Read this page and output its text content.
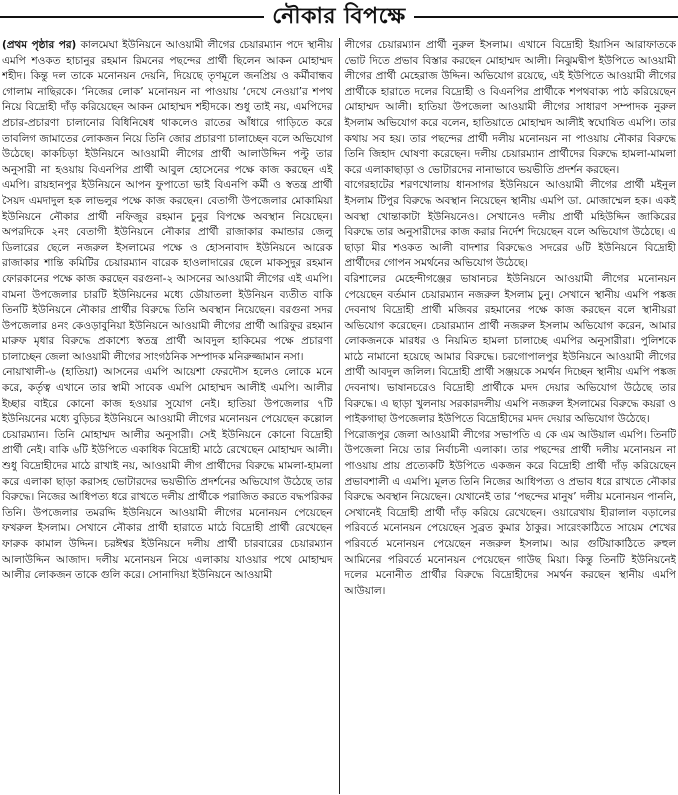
নৌকার বিপক্ষে

(প্রথম পৃষ্ঠার পর) কালমেঘা ইউনিয়নে আওয়ামী লীগের চেয়ারম্যান পদে স্থানীয় এমপি শওকত হাচানুর রহমান রিমনের পছন্দের প্রার্থী ছিলেন আকন মোহাম্মদ শহীদ। কিন্তু দল তাকে মনোনয়ন দেয়নি, দিয়েছে তৃণমূলে জনপ্রিয় ও কর্মীবান্ধব গোলাম নাছিরকে। ‘নিজের লোক’ মনোনয়ন না পাওয়ায় ‘দেখে নেওয়া’র শপথ নিয়ে বিদ্রোহী দাঁড় করিয়েছেন আকন মোহাম্মদ শহীদকে। শুধু তাই নয়, এমপিদের প্রচার-প্রচারণা চালানোর বিধিনিষেধ থাকলেও রাতের আঁধারে গাড়িতে করে তাবলিগ জামাতের লোকজন নিয়ে তিনি জোর প্রচারণা চালাচ্ছেন বলে অভিযোগ উঠেছে। কাকচিড়া ইউনিয়নে আওয়ামী লীগের প্রার্থী আলাউদ্দিন পল্টু তার অনুসারী না হওয়ায় বিএনপির প্রার্থী আবুল হোসেনের পক্ষে কাজ করছেন এই এমপি। রায়হানপুর ইউনিয়নে আপন ফুপাতো ভাই বিএনপি কর্মী ও স্বতন্ত্র প্রার্থী সৈয়দ এমদাদুল হক লাভলুর পক্ষে কাজ করছেন। বেতাগী উপজেলার মোকামিয়া ইউনিয়নে নৌকার প্রার্থী নফিজুর রহমান চুনুর বিপক্ষে অবস্থান নিয়েছেন। অপরদিকে ২নং বেতাগী ইউনিয়নে নৌকার প্রার্থী রাজাকার কমান্ডার জেলু ডিলারের ছেলে নজরুল ইসলামের পক্ষে ও হোসনাবাদ ইউনিয়নে আরেক রাজাকার শান্তি কমিটির চেয়ারম্যান বারেক হাওলাদারের ছেলে মাকসুদুর রহমান ফোরকানের পক্ষে কাজ করছেন বরগুনা-২ আসনের আওয়ামী লীগের এই এমপি। বামনা উপজেলার চারটি ইউনিয়নের মধ্যে ডৌয়াতলা ইউনিয়ন ব্যতীত বাকি তিনটি ইউনিয়নে নৌকার প্রার্থীর বিরুদ্ধে তিনি অবস্থান নিয়েছেন। বরগুনা সদর উপজেলার ৪নং কেওড়াবুনিয়া ইউনিয়নে আওয়ামী লীগের প্রার্থী আরিফুর রহমান মারুফ মৃধার বিরুদ্ধে প্রকাশ্যে স্বতন্ত্র প্রার্থী আবদুল হাকিমের পক্ষে প্রচারণা চালাচ্ছেন জেলা আওয়ামী লীগের সাংগঠনিক সম্পাদক মনিরুজ্জামান নসা।

নোয়াখালী-৬ (হাতিয়া) আসনের এমপি আয়েশা ফেরদৌস হলেও লোকে মনে করে, কর্তৃত্ব এখানে তার স্বামী সাবেক এমপি মোহাম্মদ আলীই এমপি। আলীর ইচ্ছার বাইরে কোনো কাজ হওয়ার সুযোগ নেই। হাতিয়া উপজেলার ৭টি ইউনিয়নের মধ্যে বুড়িচর ইউনিয়নে আওয়ামী লীগের মনোনয়ন পেয়েছেন কল্লোল চেয়ারম্যান। তিনি মোহাম্মদ আলীর অনুসারী। সেই ইউনিয়নে কোনো বিদ্রোহী প্রার্থী নেই। বাকি ৬টি ইউপিতে একাধিক বিদ্রোহী মাঠে রেখেছেন মোহাম্মদ আলী। শুধু বিদ্রোহীদের মাঠে রাখাই নয়, আওয়ামী লীগ প্রার্থীদের বিরুদ্ধে মামলা-হামলা করে এলাকা ছাড়া করাসহ ভোটারদের ভয়ভীতি প্রদর্শনের অভিযোগ উঠেছে তার বিরুদ্ধে। নিজের আধিপত্য ধরে রাখতে দলীয় প্রার্থীকে পরাজিত করতে বদ্ধপরিকর তিনি। উপজেলার তমরদ্দি ইউনিয়নে আওয়ামী লীগের মনোনয়ন পেয়েছেন ফখরুল ইসলাম। সেখানে নৌকার প্রার্থী হারাতে মাঠে বিদ্রোহী প্রার্থী রেখেছেন ফারুক কামাল উদ্দিন। চরঈশ্বর ইউনিয়নে দলীয় প্রার্থী চারবারের চেয়ারম্যান আলাউদ্দিন আজাদ। দলীয় মনোনয়ন নিয়ে এলাকায় যাওয়ার পথে মোহাম্মদ আলীর লোকজন তাকে গুলি করে। সোনাদিয়া ইউনিয়নে আওয়ামী

লীগের চেয়ারম্যান প্রার্থী নুরুল ইসলাম। এখানে বিদ্রোহী ইয়াসিন আরাফাতকে ভোট দিতে প্রভাব বিস্তার করছেন মোহাম্মদ আলী। নিঝুমদ্বীপ ইউপিতে আওয়ামী লীগের প্রার্থী মেহেরাজ উদ্দিন। অভিযোগ রয়েছে, এই ইউপিতে আওয়ামী লীগের প্রার্থীকে হারাতে দলের বিদ্রোহী ও বিএনপির প্রার্থীকে শপথবাক্য পাঠ করিয়েছেন মোহাম্মদ আলী। হাতিয়া উপজেলা আওয়ামী লীগের সাধারণ সম্পাদক নুরুল ইসলাম অভিযোগ করে বলেন, হাতিয়াতে মোহাম্মদ আলীই স্বঘোষিত এমপি। তার কথায় সব হয়। তার পছন্দের প্রার্থী দলীয় মনোনয়ন না পাওয়ায় নৌকার বিরুদ্ধে তিনি জিহাদ ঘোষণা করেছেন। দলীয় চেয়ারম্যান প্রার্থীদের বিরুদ্ধে হামলা-মামলা করে এলাকাছাড়া ও ভোটারদের নানাভাবে ভয়ভীতি প্রদর্শন করছেন।

বাগেরহাটের শরণখোলায় ধানসাগর ইউনিয়নে আওয়ামী লীগের প্রার্থী মইনুল ইসলাম টিপুর বিরুদ্ধে অবস্থান নিয়েছেন স্থানীয় এমপি ডা. মোজাম্মেল হক। একই অবস্থা খোন্তাকাটা ইউনিয়নেও। সেখানেও দলীয় প্রার্থী মহিউদ্দিন জাকিরের বিরুদ্ধে তার অনুসারীদের কাজ করার নির্দেশ দিয়েছেন বলে অভিযোগ উঠেছে। এ ছাড়া মীর শওকত আলী বাদশার বিরুদ্ধেও সদরের ৬টি ইউনিয়নে বিদ্রোহী প্রার্থীদের গোপন সমর্থনের অভিযোগ উঠেছে।

বরিশালের মেহেন্দীগঞ্জের ভাষানচর ইউনিয়নে আওয়ামী লীগের মনোনয়ন পেয়েছেন বর্তমান চেয়ারম্যান নজরুল ইসলাম চুনু। সেখানে স্থানীয় এমপি পঙ্কজ দেবনাথ বিদ্রোহী প্রার্থী মজিবর রহমানের পক্ষে কাজ করছেন বলে স্থানীয়রা অভিযোগ করেছেন। চেয়ারম্যান প্রার্থী নজরুল ইসলাম অভিযোগ করেন, আমার লোকজনকে মারধর ও নিয়মিত হামলা চালাচ্ছে এমপির অনুসারীরা। পুলিশকে মাঠে নামানো হয়েছে আমার বিরুদ্ধে। চরগোপালপুর ইউনিয়নে আওয়ামী লীগের প্রার্থী আবদুল জলিল। বিদ্রোহী প্রার্থী সঞ্জয়কে সমর্থন দিচ্ছেন স্থানীয় এমপি পঙ্কজ দেবনাথ। ভাষানচরেও বিদ্রোহী প্রার্থীকে মদদ দেয়ার অভিযোগ উঠেছে তার বিরুদ্ধে। এ ছাড়া খুলনায় সরকারদলীয় এমপি নজরুল ইসলামের বিরুদ্ধে কয়রা ও পাইকগাছা উপজেলার ইউপিতে বিদ্রোহীদের মদদ দেয়ার অভিযোগ উঠেছে।

পিরোজপুর জেলা আওয়ামী লীগের সভাপতি এ কে এম আউয়াল এমপি। তিনটি উপজেলা নিয়ে তার নির্বাচনী এলাকা। তার পছন্দের প্রার্থী দলীয় মনোনয়ন না পাওয়ায় প্রায় প্রত্যেকটি ইউপিতে একজন করে বিদ্রোহী প্রার্থী দাঁড় করিয়েছেন প্রভাবশালী এ এমপি। মূলত তিনি নিজের আধিপত্য ও প্রভাব ধরে রাখতে নৌকার বিরুদ্ধে অবস্থান নিয়েছেন। যেখানেই তার ‘পছন্দের মানুষ’ দলীয় মনোনয়ন পাননি, সেখানেই বিদ্রোহী প্রার্থী দাঁড় করিয়ে রেখেছেন। ওয়ারেখায় হীরালাল বড়ালের পরিবর্তে মনোনয়ন পেয়েছেন সুব্রত কুমার ঠাকুর। সারেংকাঠিতে সায়েম শেখের পরিবর্তে মনোনয়ন পেয়েছেন নজরুল ইসলাম। আর গুটিয়াকাঠিতে রুহুল আমিনের পরিবর্তে মনোনয়ন পেয়েছেন গাউছ মিয়া। কিন্তু তিনটি ইউনিয়নেই দলের মনোনীত প্রার্থীর বিরুদ্ধে বিদ্রোহীদের সমর্থন করছেন স্থানীয় এমপি আউয়াল।
